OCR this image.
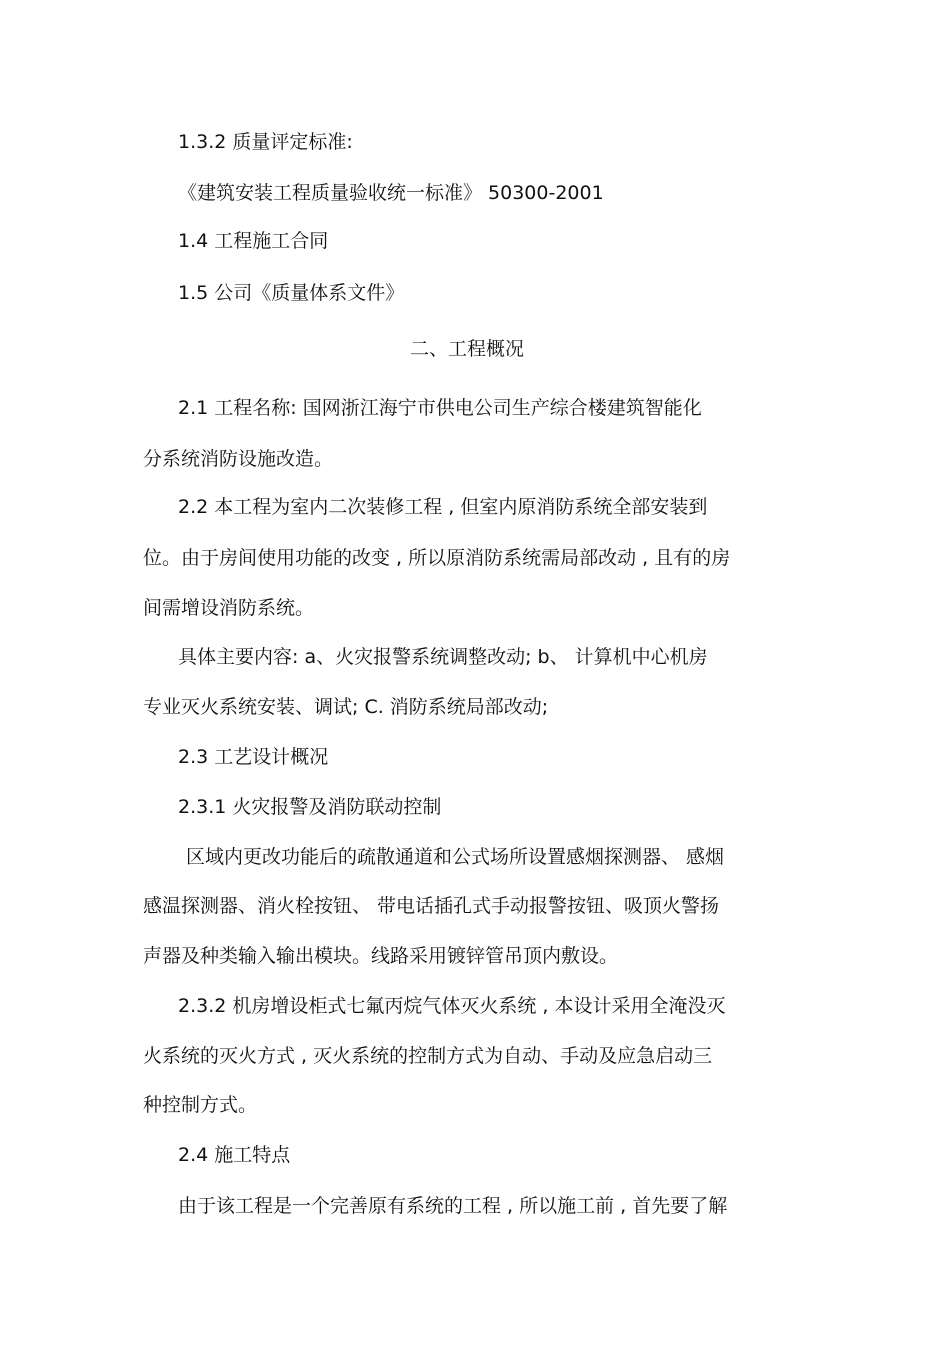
1.3.2 质量评定标准:
《建筑安装工程质量验收统一标准》 50300-2001
1.4 工程施工合同
1.5 公司《质量体系文件》
二、工程概况
2.1 工程名称: 国网浙江海宁市供电公司生产综合楼建筑智能化
分系统消防设施改造。
2.2 本工程为室内二次装修工程 , 但室内原消防系统全部安装到
位。由于房间使用功能的改变 , 所以原消防系统需局部改动 , 且有的房
间需增设消防系统。
具体主要内容: a、火灾报警系统调整改动; b、 计算机中心机房
专业灭火系统安装、调试; C. 消防系统局部改动;
2.3 工艺设计概况
2.3.1 火灾报警及消防联动控制
区域内更改功能后的疏散通道和公式场所设置感烟探测器、 感烟
感温探测器、消火栓按钮、 带电话插孔式手动报警按钮、吸顶火警扬
声器及种类输入输出模块。线路采用镀锌管吊顶内敷设。
2.3.2 机房增设柜式七氟丙烷气体灭火系统 , 本设计采用全淹没灭
火系统的灭火方式 , 灭火系统的控制方式为自动、手动及应急启动三
种控制方式。
2.4 施工特点
由于该工程是一个完善原有系统的工程 , 所以施工前 , 首先要了解
